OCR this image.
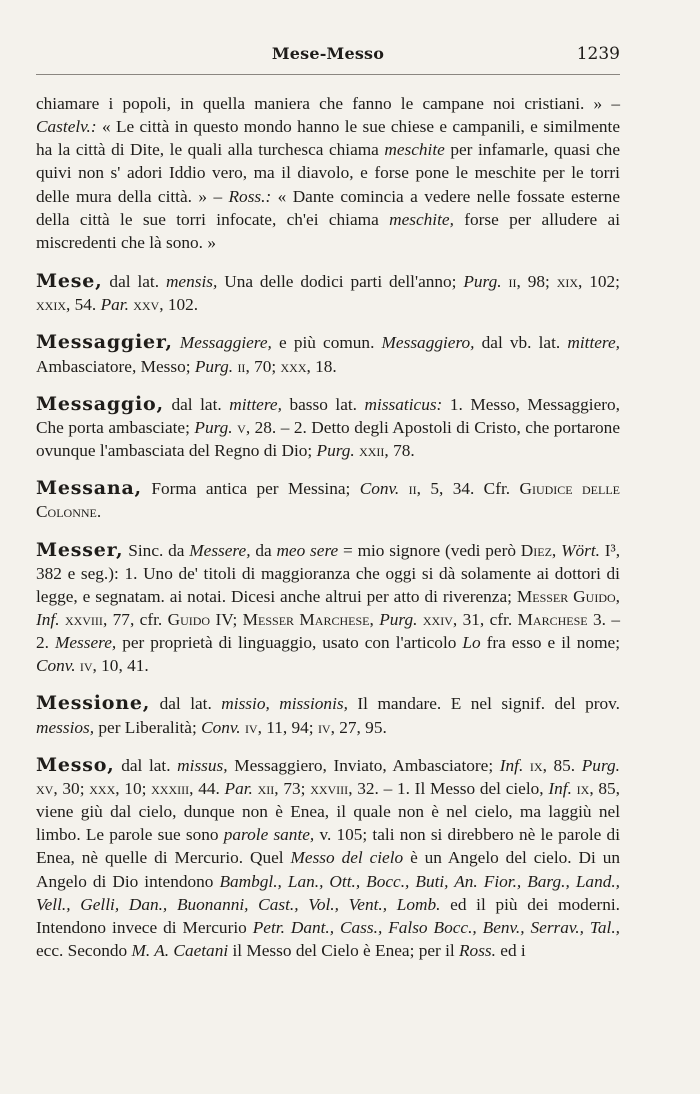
Mese-Messo	1239

chiamare i popoli, in quella maniera che fanno le campane noi cristiani. » – Castelv.: « Le città in questo mondo hanno le sue chiese e campanili, e similmente ha la città di Dite, le quali alla turchesca chiama meschite per infamarle, quasi che quivi non s' adori Iddio vero, ma il diavolo, e forse pone le meschite per le torri delle mura della città. » – Ross.: « Dante comincia a vedere nelle fossate esterne della città le sue torri infocate, ch'ei chiama meschite, forse per alludere ai miscredenti che là sono. »

Mese, dal lat. mensis, Una delle dodici parti dell'anno; Purg. ii, 98; xix, 102; xxix, 54. Par. xxv, 102.

Messaggier, Messaggiere, e più comun. Messaggiero, dal vb. lat. mittere, Ambasciatore, Messo; Purg. ii, 70; xxx, 18.

Messaggio, dal lat. mittere, basso lat. missaticus: 1. Messo, Messaggiero, Che porta ambasciate; Purg. v, 28. – 2. Detto degli Apostoli di Cristo, che portarone ovunque l'ambasciata del Regno di Dio; Purg. xxii, 78.

Messana, Forma antica per Messina; Conv. ii, 5, 34. Cfr. Giudice delle Colonne.

Messer, Sinc. da Messere, da meo sere = mio signore (vedi però Diez, Wört. I³, 382 e seg.): 1. Uno de' titoli di maggioranza che oggi si dà solamente ai dottori di legge, e segnatam. ai notai. Dicesi anche altrui per atto di riverenza; Messer Guido, Inf. xxviii, 77, cfr. Guido IV; Messer Marchese, Purg. xxiv, 31, cfr. Marchese 3. – 2. Messere, per proprietà di linguaggio, usato con l'articolo Lo fra esso e il nome; Conv. iv, 10, 41.

Messione, dal lat. missio, missionis, Il mandare. E nel signif. del prov. messios, per Liberalità; Conv. iv, 11, 94; iv, 27, 95.

Messo, dal lat. missus, Messaggiero, Inviato, Ambasciatore; Inf. ix, 85. Purg. xv, 30; xxx, 10; xxxiii, 44. Par. xii, 73; xxviii, 32. – 1. Il Messo del cielo, Inf. ix, 85, viene giù dal cielo, dunque non è Enea, il quale non è nel cielo, ma laggiù nel limbo. Le parole sue sono parole sante, v. 105; tali non si direbbero nè le parole di Enea, nè quelle di Mercurio. Quel Messo del cielo è un Angelo del cielo. Di un Angelo di Dio intendono Bambgl., Lan., Ott., Bocc., Buti, An. Fior., Barg., Land., Vell., Gelli, Dan., Buonanni, Cast., Vol., Vent., Lomb. ed il più dei moderni. Intendono invece di Mercurio Petr. Dant., Cass., Falso Bocc., Benv., Serrav., Tal., ecc. Secondo M. A. Caetani il Messo del Cielo è Enea; per il Ross. ed i
